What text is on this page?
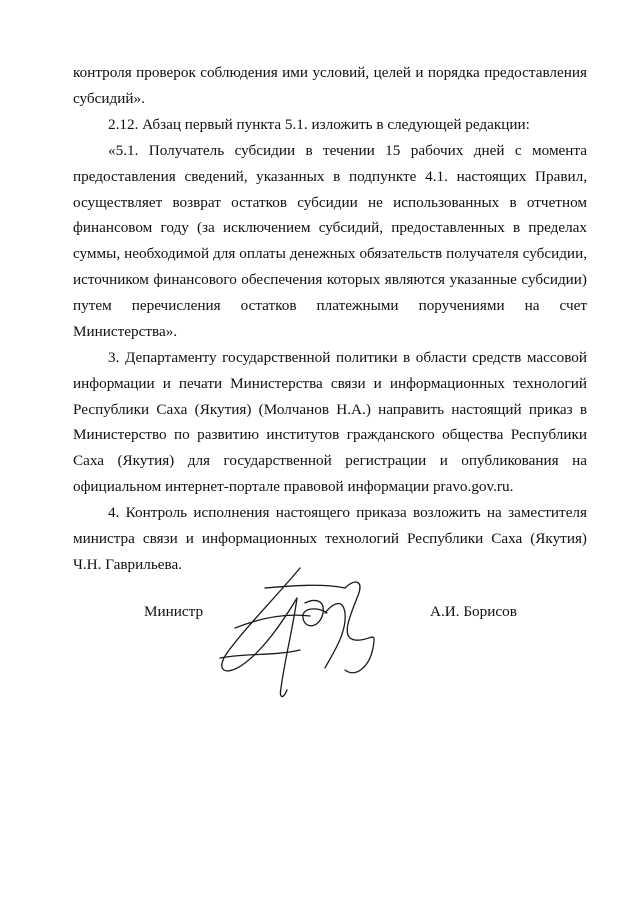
контроля проверок соблюдения ими условий, целей и порядка предоставления субсидий».

2.12. Абзац первый пункта 5.1. изложить в следующей редакции:

«5.1. Получатель субсидии в течении 15 рабочих дней с момента предоставления сведений, указанных в подпункте 4.1. настоящих Правил, осуществляет возврат остатков субсидии не использованных в отчетном финансовом году (за исключением субсидий, предоставленных в пределах суммы, необходимой для оплаты денежных обязательств получателя субсидии, источником финансового обеспечения которых являются указанные субсидии) путем перечисления остатков платежными поручениями на счет Министерства».

3. Департаменту государственной политики в области средств массовой информации и печати Министерства связи и информационных технологий Республики Саха (Якутия) (Молчанов Н.А.) направить настоящий приказ в Министерство по развитию институтов гражданского общества Республики Саха (Якутия) для государственной регистрации и опубликования на официальном интернет-портале правовой информации pravo.gov.ru.

4. Контроль исполнения настоящего приказа возложить на заместителя министра связи и информационных технологий Республики Саха (Якутия) Ч.Н. Гаврильева.

Министр	А.И. Борисов
